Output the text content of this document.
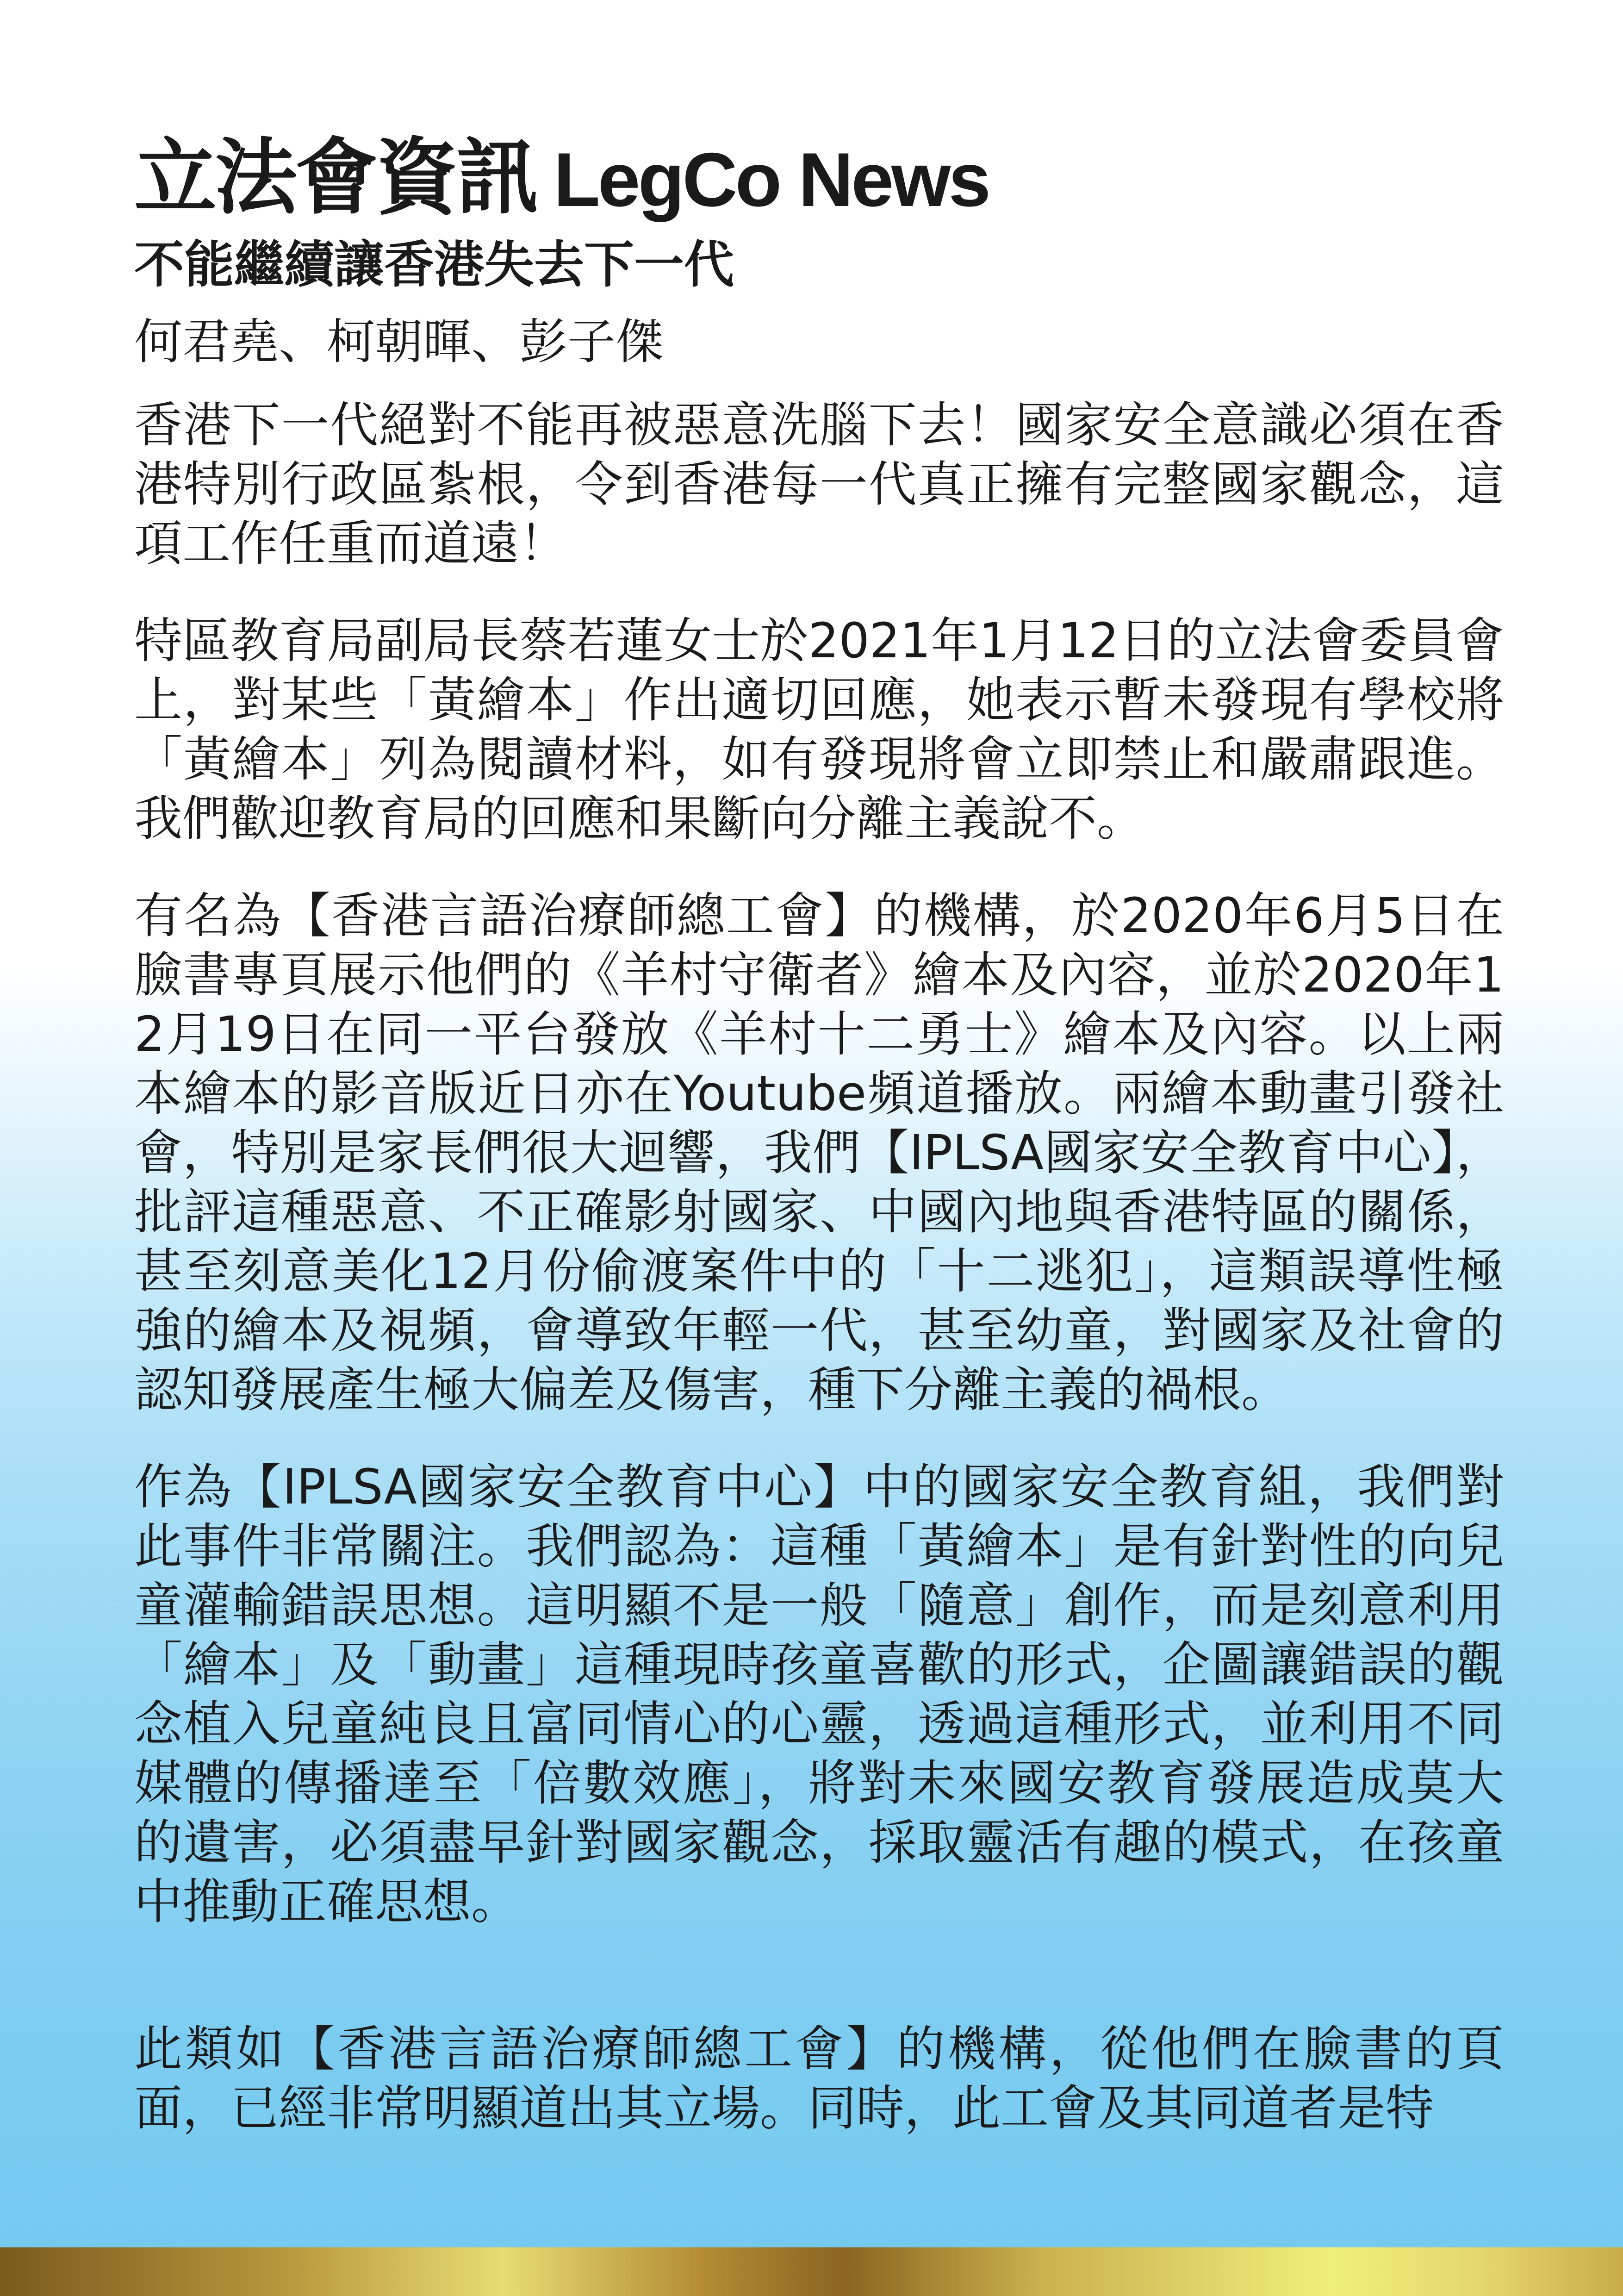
立法會資訊 LegCo News
不能繼續讓香港失去下一代

何君堯、柯朝暉、彭子傑

香港下一代絕對不能再被惡意洗腦下去！國家安全意識必須在香港特別行政區紮根，令到香港每一代真正擁有完整國家觀念，這項工作任重而道遠！

特區教育局副局長蔡若蓮女士於2021年1月12日的立法會委員會上，對某些「黃繪本」作出適切回應，她表示暫未發現有學校將「黃繪本」列為閱讀材料，如有發現將會立即禁止和嚴肅跟進。我們歡迎教育局的回應和果斷向分離主義說不。

有名為【香港言語治療師總工會】的機構，於2020年6月5日在臉書專頁展示他們的《羊村守衛者》繪本及內容，並於2020年12月19日在同一平台發放《羊村十二勇士》繪本及內容。以上兩本繪本的影音版近日亦在Youtube頻道播放。兩繪本動畫引發社會，特別是家長們很大迴響，我們【IPLSA國家安全教育中心】，批評這種惡意、不正確影射國家、中國內地與香港特區的關係，甚至刻意美化12月份偷渡案件中的「十二逃犯」，這類誤導性極強的繪本及視頻，會導致年輕一代，甚至幼童，對國家及社會的認知發展產生極大偏差及傷害，種下分離主義的禍根。

作為【IPLSA國家安全教育中心】中的國家安全教育組，我們對此事件非常關注。我們認為：這種「黃繪本」是有針對性的向兒童灌輸錯誤思想。這明顯不是一般「隨意」創作，而是刻意利用「繪本」及「動畫」這種現時孩童喜歡的形式，企圖讓錯誤的觀念植入兒童純良且富同情心的心靈，透過這種形式，並利用不同媒體的傳播達至「倍數效應」，將對未來國安教育發展造成莫大的遺害，必須盡早針對國家觀念，採取靈活有趣的模式，在孩童中推動正確思想。

此類如【香港言語治療師總工會】的機構，從他們在臉書的頁面，已經非常明顯道出其立場。同時，此工會及其同道者是特
